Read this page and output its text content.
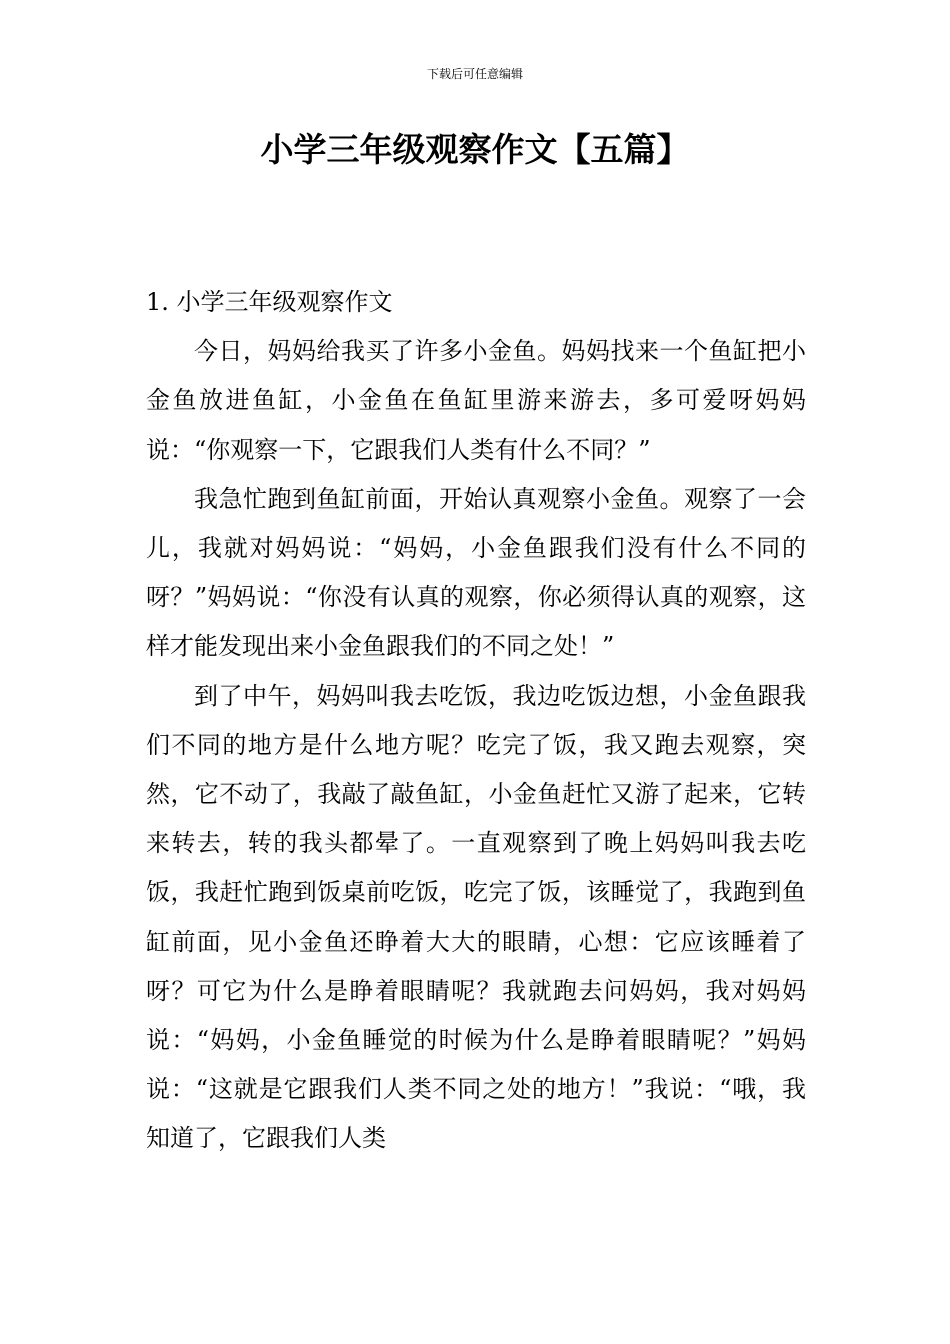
下载后可任意编辑
小学三年级观察作文【五篇】
1. 小学三年级观察作文

今日，妈妈给我买了许多小金鱼。妈妈找来一个鱼缸把小金鱼放进鱼缸，小金鱼在鱼缸里游来游去，多可爱呀妈妈说：“你观察一下，它跟我们人类有什么不同？”

我急忙跑到鱼缸前面，开始认真观察小金鱼。观察了一会儿，我就对妈妈说：“妈妈，小金鱼跟我们没有什么不同的呀？”妈妈说：“你没有认真的观察，你必须得认真的观察，这样才能发现出来小金鱼跟我们的不同之处！”

到了中午，妈妈叫我去吃饭，我边吃饭边想，小金鱼跟我们不同的地方是什么地方呢？吃完了饭，我又跑去观察，突然，它不动了，我敲了敲鱼缸，小金鱼赶忙又游了起来，它转来转去，转的我头都晕了。一直观察到了晚上妈妈叫我去吃饭，我赶忙跑到饭桌前吃饭，吃完了饭，该睡觉了，我跑到鱼缸前面，见小金鱼还睁着大大的眼睛，心想：它应该睡着了呀？可它为什么是睁着眼睛呢？我就跑去问妈妈，我对妈妈说：“妈妈，小金鱼睡觉的时候为什么是睁着眼睛呢？”妈妈说：“这就是它跟我们人类不同之处的地方！”我说：“哦，我知道了，它跟我们人类
